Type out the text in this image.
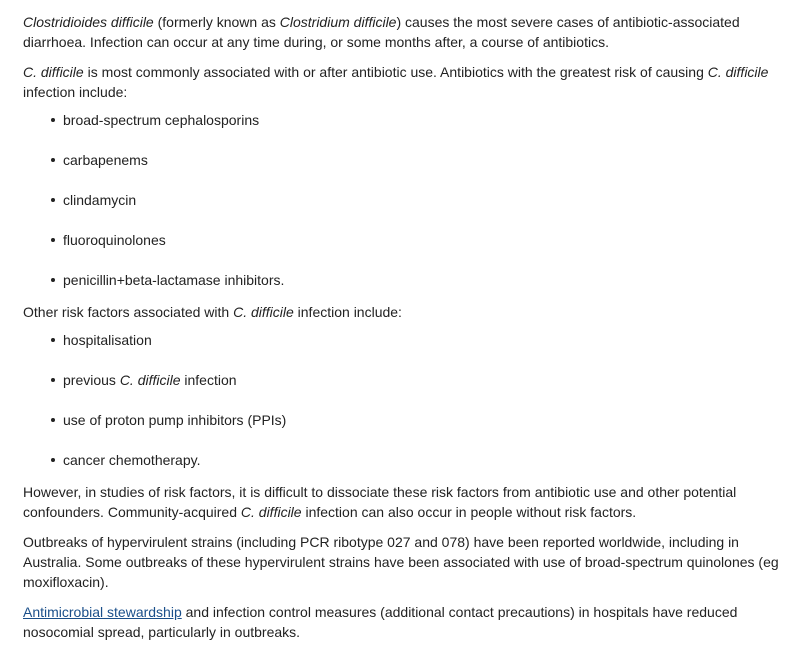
Clostridioides difficile (formerly known as Clostridium difficile) causes the most severe cases of antibiotic-associated diarrhoea. Infection can occur at any time during, or some months after, a course of antibiotics.

C. difficile is most commonly associated with or after antibiotic use. Antibiotics with the greatest risk of causing C. difficile infection include:

broad-spectrum cephalosporins
carbapenems
clindamycin
fluoroquinolones
penicillin+beta-lactamase inhibitors.

Other risk factors associated with C. difficile infection include:

hospitalisation
previous C. difficile infection
use of proton pump inhibitors (PPIs)
cancer chemotherapy.

However, in studies of risk factors, it is difficult to dissociate these risk factors from antibiotic use and other potential confounders. Community-acquired C. difficile infection can also occur in people without risk factors.

Outbreaks of hypervirulent strains (including PCR ribotype 027 and 078) have been reported worldwide, including in Australia. Some outbreaks of these hypervirulent strains have been associated with use of broad-spectrum quinolones (eg moxifloxacin).

Antimicrobial stewardship and infection control measures (additional contact precautions) in hospitals have reduced nosocomial spread, particularly in outbreaks.
